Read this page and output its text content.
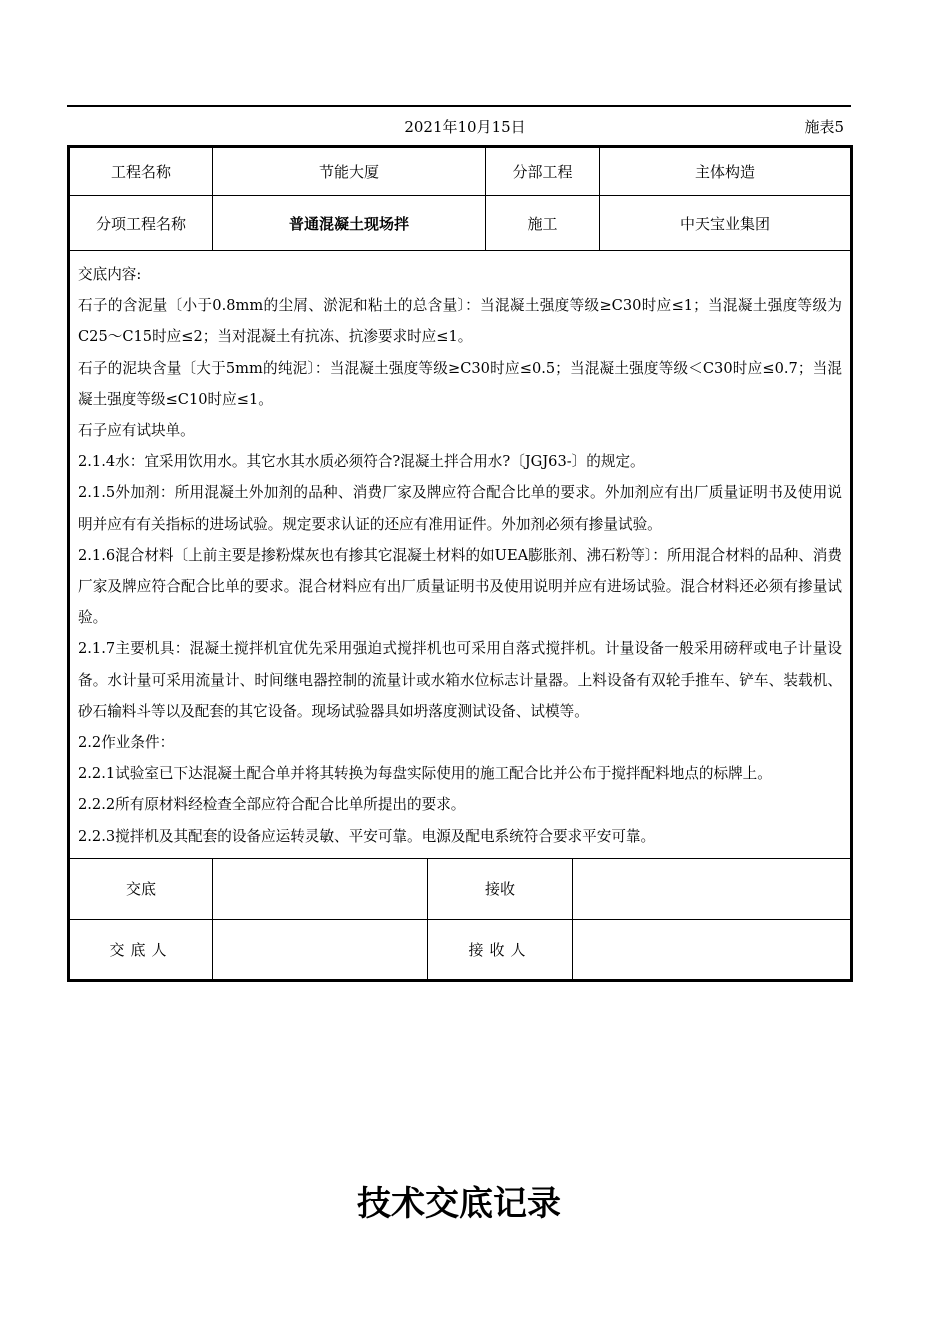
2021年10月15日	施表5
工程名称	节能大厦	分部工程	主体构造
分项工程名称	普通混凝土现场拌	施工	中天宝业集团

交底内容:

石子的含泥量〔小于0.8mm的尘屑、淤泥和粘土的总含量〕：当混凝土强度等级≥C30时应≤1；当混凝土强度等级为C25～C15时应≤2；当对混凝土有抗冻、抗渗要求时应≤1。

石子的泥块含量〔大于5mm的纯泥〕：当混凝土强度等级≥C30时应≤0.5；当混凝土强度等级＜C30时应≤0.7；当混凝土强度等级≤C10时应≤1。

石子应有试块单。

2.1.4水：宜采用饮用水。其它水其水质必须符合?混凝土拌合用水?〔JGJ63-〕的规定。

2.1.5外加剂：所用混凝土外加剂的品种、消费厂家及牌应符合配合比单的要求。外加剂应有出厂质量证明书及使用说明并应有有关指标的进场试验。规定要求认证的还应有准用证件。外加剂必须有掺量试验。

2.1.6混合材料〔上前主要是掺粉煤灰也有掺其它混凝土材料的如UEA膨胀剂、沸石粉等〕：所用混合材料的品种、消费厂家及牌应符合配合比单的要求。混合材料应有出厂质量证明书及使用说明并应有进场试验。混合材料还必须有掺量试验。

2.1.7主要机具：混凝土搅拌机宜优先采用强迫式搅拌机也可采用自落式搅拌机。计量设备一般采用磅秤或电子计量设备。水计量可采用流量计、时间继电器控制的流量计或水箱水位标志计量器。上料设备有双轮手推车、铲车、装载机、砂石输料斗等以及配套的其它设备。现场试验器具如坍落度测试设备、试模等。

2.2作业条件：

2.2.1试验室已下达混凝土配合单并将其转换为每盘实际使用的施工配合比并公布于搅拌配料地点的标牌上。

2.2.2所有原材料经检查全部应符合配合比单所提出的要求。

2.2.3搅拌机及其配套的设备应运转灵敏、平安可靠。电源及配电系统符合要求平安可靠。

交底		接收	
交底人		接收人	
技术交底记录
